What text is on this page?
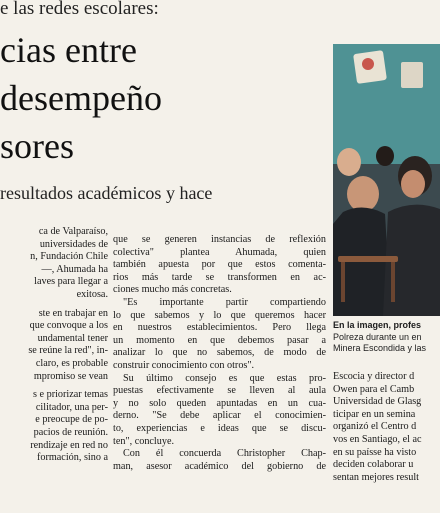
e las redes escolares:
cias entre
desempeño
sores
resultados académicos y hace
ca de Valparaíso,
universidades de
n, Fundación Chile
—, Ahumada ha
laves para llegar a
exitosa.
ste en trabajar en
que convoque a los
undamental tener
se reúne la red", in-
claro, es probable
mpromiso se vean
s e priorizar temas
cilitador, una per-
e preocupe de po-
pacios de reunión.
rendizaje en red no
formación, sino a
que se generen instancias de reflexión
colectiva" plantea Ahumada, quien
también apuesta por que estos comenta-
rios más tarde se transformen en ac-
ciones mucho más concretas.
"Es importante partir compartiendo
lo que sabemos y lo que queremos hacer
en nuestros establecimientos. Pero llega
un momento en que debemos pasar a
analizar lo que no sabemos, de modo de
construir conocimiento con otros".
Su último consejo es que estas pro-
puestas efectivamente se lleven al aula
y no solo queden apuntadas en un cua-
derno. "Se debe aplicar el conocimien-
to, experiencias e ideas que se discu-
ten", concluye.
Con él concuerda Christopher Chap-
man, asesor académico del gobierno de
En la imagen, profes
Polreza durante un en
Minera Escondida y las
Escocia y director d
Owen para el Camb
Universidad de Glasg
ticipar en un semina
organizó el Centro d
vos en Santiago, el ac
en su paísse ha visto
deciden colaborar u
sentan mejores result
